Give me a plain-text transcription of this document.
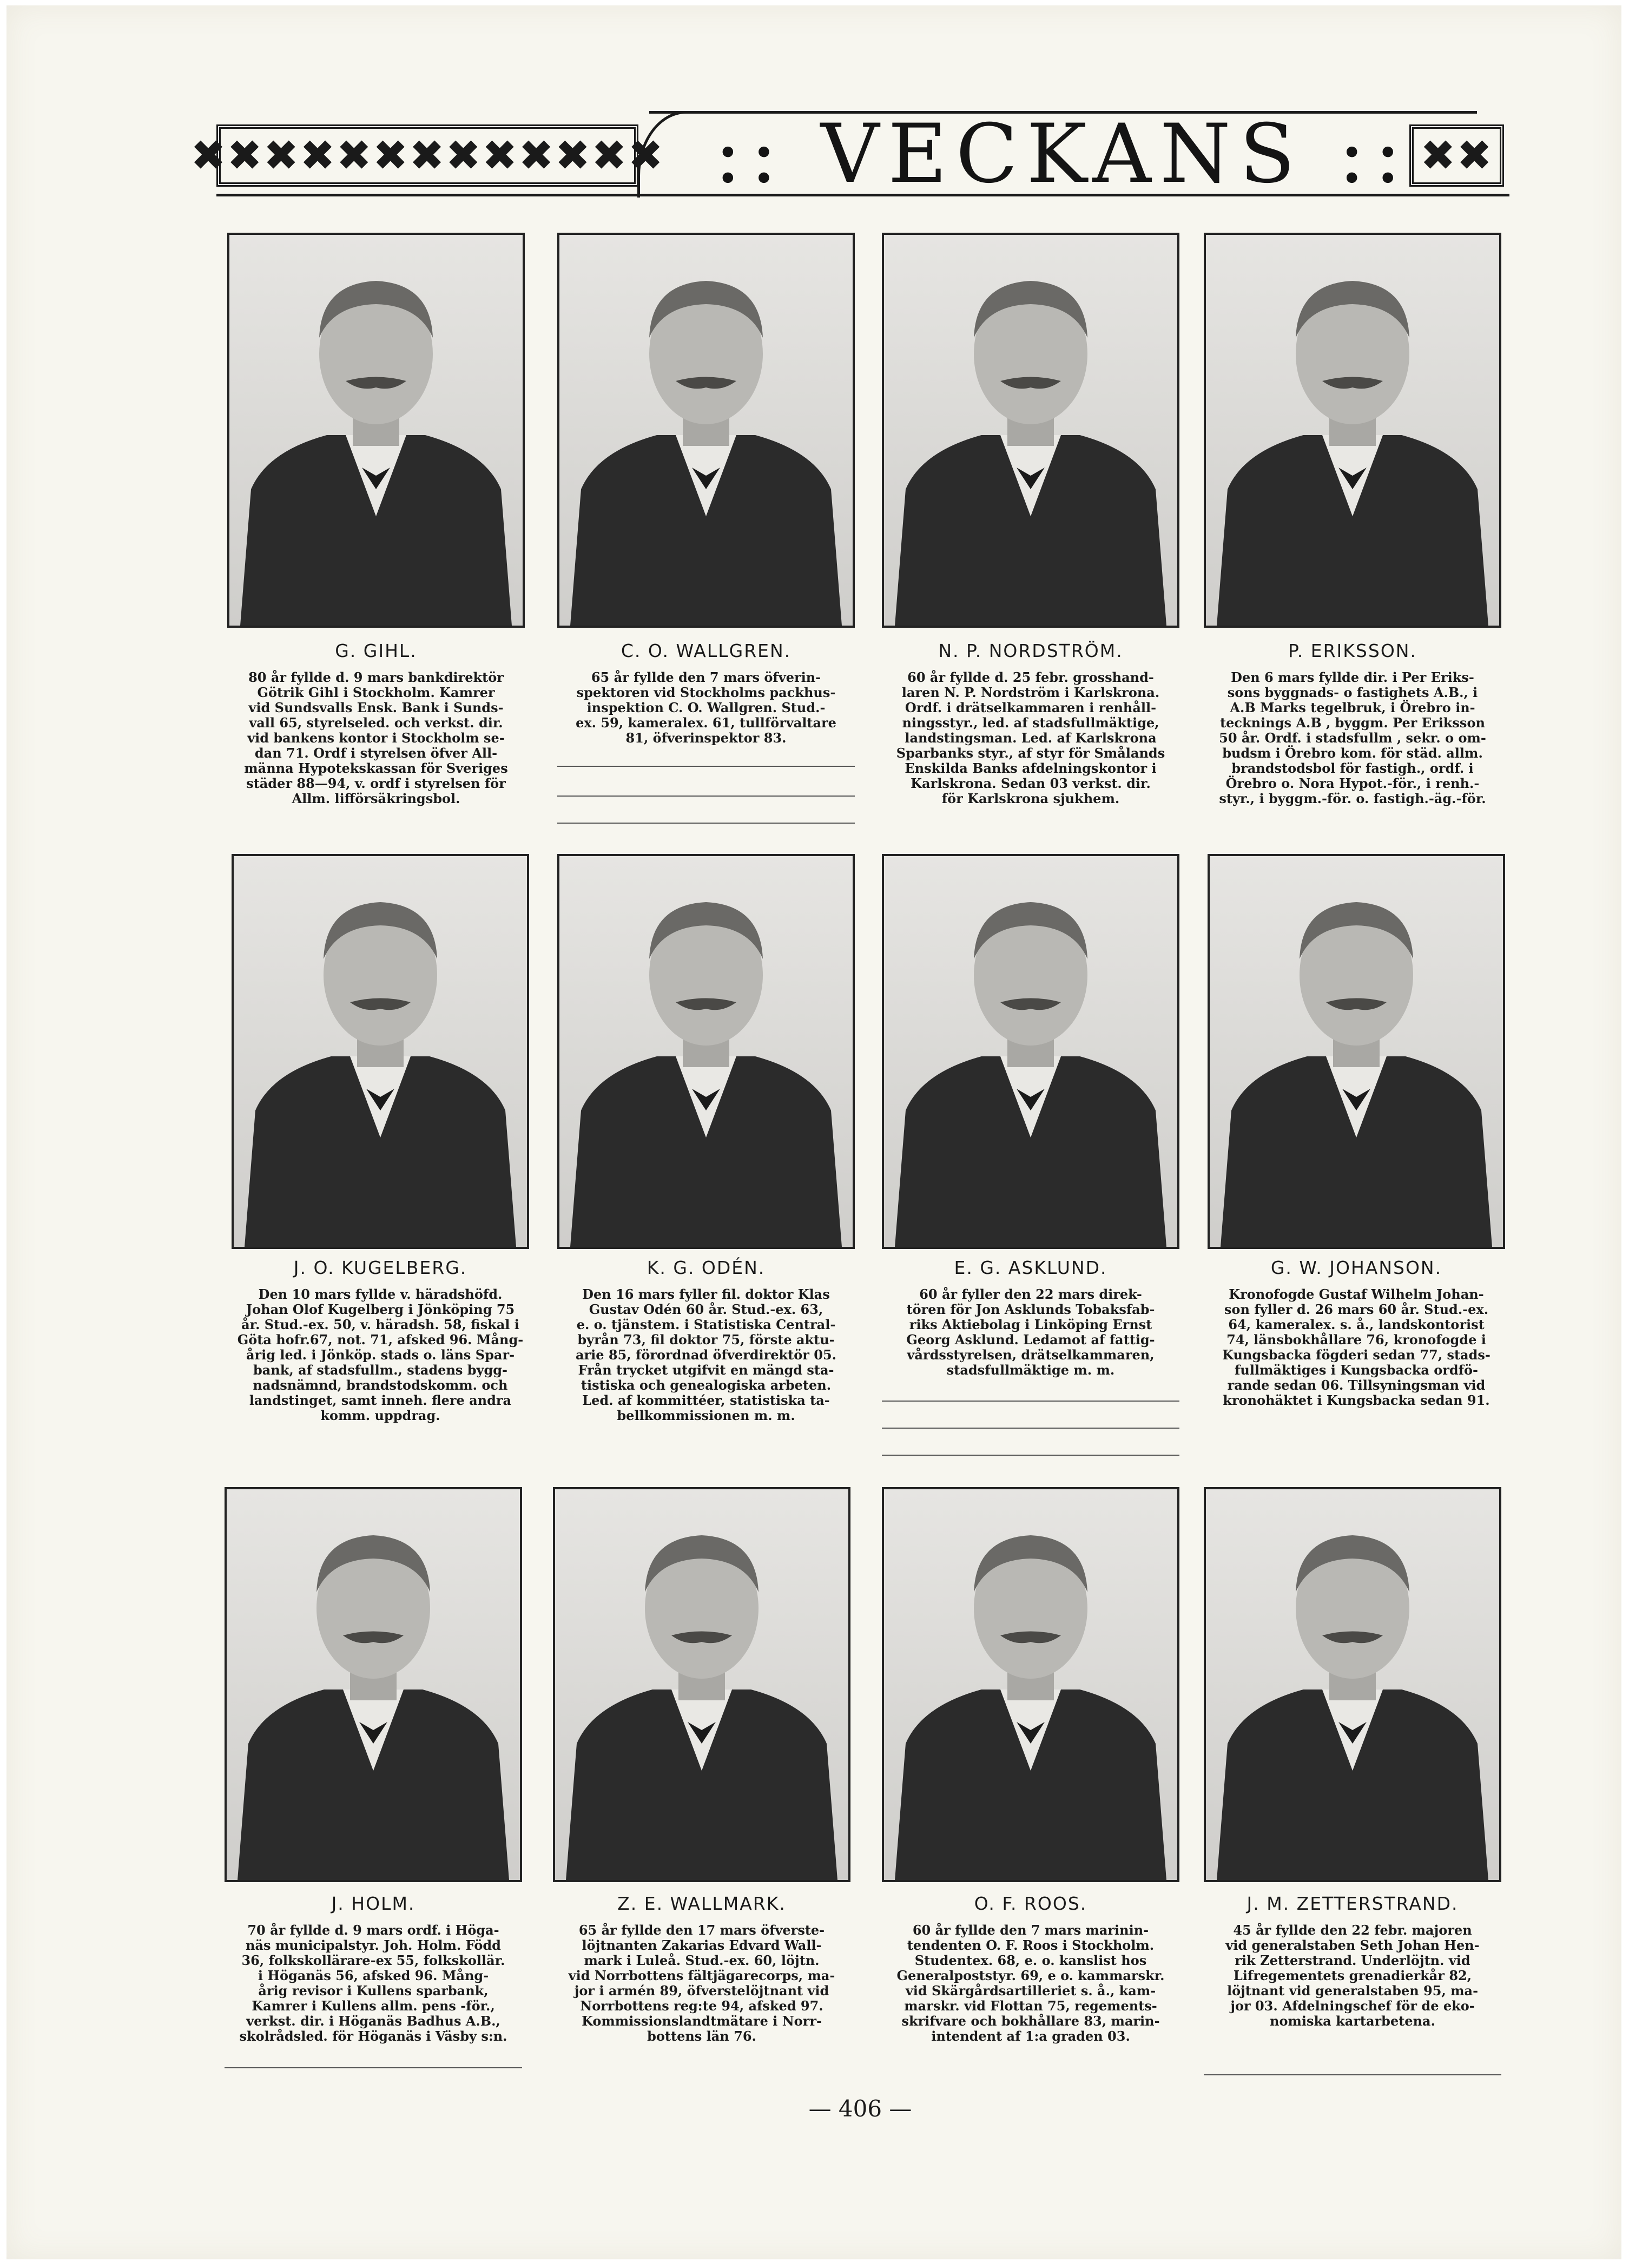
✖✖✖✖✖✖✖✖✖✖✖✖✖ :: VECKANS :: ✖✖
G. GIHL.

80 år fyllde d. 9 mars bankdirektör
Götrik Gihl i Stockholm. Kamrer
vid Sundsvalls Ensk. Bank i Sunds-
vall 65, styrelseled. och verkst. dir.
vid bankens kontor i Stockholm se-
dan 71. Ordf i styrelsen öfver All-
männa Hypotekskassan för Sveriges
städer 88—94, v. ordf i styrelsen för
Allm. lifförsäkringsbol.

C. O. WALLGREN.

65 år fyllde den 7 mars öfverin-
spektoren vid Stockholms packhus-
inspektion C. O. Wallgren. Stud.-
ex. 59, kameralex. 61, tullförvaltare
81, öfverinspektor 83.

N. P. NORDSTRÖM.

60 år fyllde d. 25 febr. grosshand-
laren N. P. Nordström i Karlskrona.
Ordf. i drätselkammaren i renhåll-
ningsstyr., led. af stadsfullmäktige,
landstingsman. Led. af Karlskrona
Sparbanks styr., af styr för Smålands
Enskilda Banks afdelningskontor i
Karlskrona. Sedan 03 verkst. dir.
för Karlskrona sjukhem.

P. ERIKSSON.

Den 6 mars fyllde dir. i Per Eriks-
sons byggnads- o fastighets A.B., i
A.B Marks tegelbruk, i Örebro in-
tecknings A.B , byggm. Per Eriksson
50 år. Ordf. i stadsfullm , sekr. o om-
budsm i Örebro kom. för städ. allm.
brandstodsbol för fastigh., ordf. i
Örebro o. Nora Hypot.-för., i renh.-
styr., i byggm.-för. o. fastigh.-äg.-för.

J. O. KUGELBERG.

Den 10 mars fyllde v. häradshöfd.
Johan Olof Kugelberg i Jönköping 75
år. Stud.-ex. 50, v. häradsh. 58, fiskal i
Göta hofr.67, not. 71, afsked 96. Mång-
årig led. i Jönköp. stads o. läns Spar-
bank, af stadsfullm., stadens bygg-
nadsnämnd, brandstodskomm. och
landstinget, samt inneh. flere andra
komm. uppdrag.

K. G. ODÉN.

Den 16 mars fyller fil. doktor Klas
Gustav Odén 60 år. Stud.-ex. 63,
e. o. tjänstem. i Statistiska Central-
byrån 73, fil doktor 75, förste aktu-
arie 85, förordnad öfverdirektör 05.
Från trycket utgifvit en mängd sta-
tistiska och genealogiska arbeten.
Led. af kommittéer, statistiska ta-
bellkommissionen m. m.

E. G. ASKLUND.

60 år fyller den 22 mars direk-
tören för Jon Asklunds Tobaksfab-
riks Aktiebolag i Linköping Ernst
Georg Asklund. Ledamot af fattig-
vårdsstyrelsen, drätselkammaren,
stadsfullmäktige m. m.

G. W. JOHANSON.

Kronofogde Gustaf Wilhelm Johan-
son fyller d. 26 mars 60 år. Stud.-ex.
64, kameralex. s. å., landskontorist
74, länsbokhållare 76, kronofogde i
Kungsbacka fögderi sedan 77, stads-
fullmäktiges i Kungsbacka ordfö-
rande sedan 06. Tillsyningsman vid
kronohäktet i Kungsbacka sedan 91.

J. HOLM.

70 år fyllde d. 9 mars ordf. i Höga-
näs municipalstyr. Joh. Holm. Född
36, folkskollärare-ex 55, folkskollär.
i Höganäs 56, afsked 96. Mång-
årig revisor i Kullens sparbank,
Kamrer i Kullens allm. pens -för.,
verkst. dir. i Höganäs Badhus A.B.,
skolrådsled. för Höganäs i Väsby s:n.

Z. E. WALLMARK.

65 år fyllde den 17 mars öfverste-
löjtnanten Zakarias Edvard Wall-
mark i Luleå. Stud.-ex. 60, löjtn.
vid Norrbottens fältjägarecorps, ma-
jor i armén 89, öfverstelöjtnant vid
Norrbottens reg:te 94, afsked 97.
Kommissionslandtmätare i Norr-
bottens län 76.

O. F. ROOS.

60 år fyllde den 7 mars marinin-
tendenten O. F. Roos i Stockholm.
Studentex. 68, e. o. kanslist hos
Generalpoststyr. 69, e o. kammarskr.
vid Skärgårdsartilleriet s. å., kam-
marskr. vid Flottan 75, regements-
skrifvare och bokhållare 83, marin-
intendent af 1:a graden 03.

J. M. ZETTERSTRAND.

45 år fyllde den 22 febr. majoren
vid generalstaben Seth Johan Hen-
rik Zetterstrand. Underlöjtn. vid
Lifregementets grenadierkår 82,
löjtnant vid generalstaben 95, ma-
jor 03. Afdelningschef för de eko-
nomiska kartarbetena.

— 406 —
